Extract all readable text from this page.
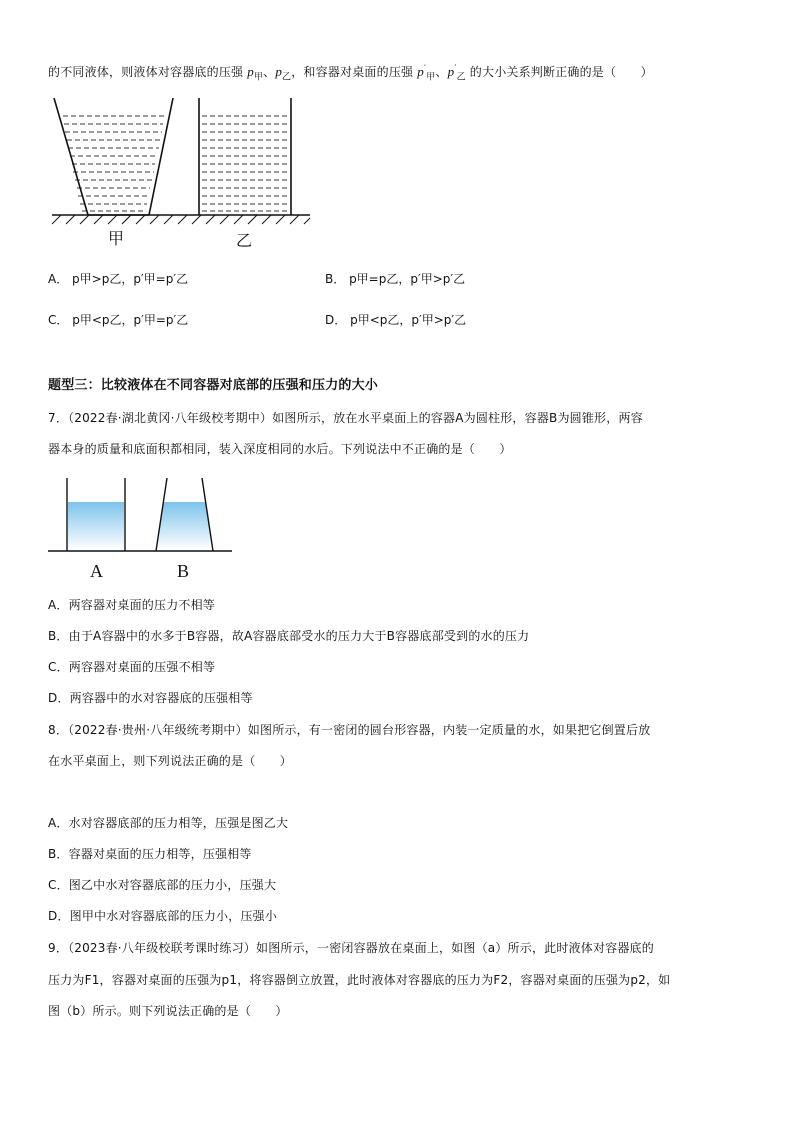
的不同液体，则液体对容器底的压强 $p_甲$、$p_乙$，和容器对桌面的压强 $p'_甲$、$p'_乙$ 的大小关系判断正确的是（　　）
甲	乙
A． p甲>p乙，p′甲=p′乙	B． p甲=p乙，p′甲>p′乙
C． p甲<p乙，p′甲=p′乙	D． p甲<p乙，p′甲>p′乙
题型三：比较液体在不同容器对底部的压强和压力的大小
7．（2022春·湖北黄冈·八年级校考期中）如图所示，放在水平桌面上的容器A为圆柱形，容器B为圆锥形，两容
器本身的质量和底面积都相同，装入深度相同的水后。下列说法中不正确的是（　　）
A	B
A．两容器对桌面的压力不相等
B．由于A容器中的水多于B容器，故A容器底部受水的压力大于B容器底部受到的水的压力
C．两容器对桌面的压强不相等
D．两容器中的水对容器底的压强相等
8．（2022春·贵州·八年级统考期中）如图所示，有一密闭的圆台形容器，内装一定质量的水，如果把它倒置后放
在水平桌面上，则下列说法正确的是（　　）
A．水对容器底部的压力相等，压强是图乙大
B．容器对桌面的压力相等，压强相等
C．图乙中水对容器底部的压力小，压强大
D．图甲中水对容器底部的压力小，压强小
9．（2023春·八年级校联考课时练习）如图所示，一密闭容器放在桌面上，如图（a）所示，此时液体对容器底的
压力为F1，容器对桌面的压强为p1，将容器倒立放置，此时液体对容器底的压力为F2，容器对桌面的压强为p2，如
图（b）所示。则下列说法正确的是（　　）
